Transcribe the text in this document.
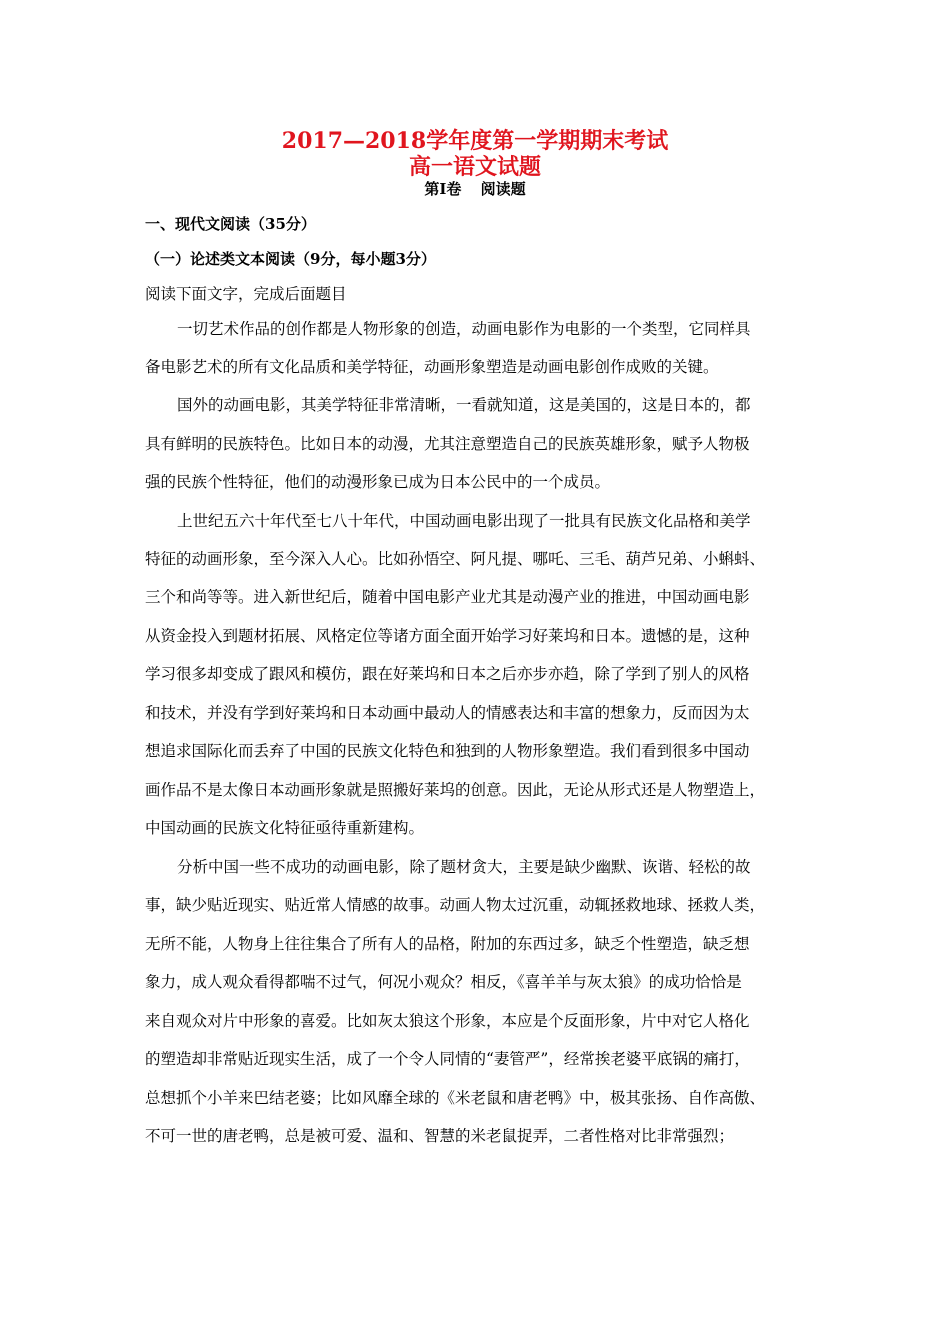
2017—2018学年度第一学期期末考试
高一语文试题
第Ⅰ卷 阅读题

一、现代文阅读（35分）

（一）论述类文本阅读（9分，每小题3分）

阅读下面文字，完成后面题目

一切艺术作品的创作都是人物形象的创造，动画电影作为电影的一个类型，它同样具

备电影艺术的所有文化品质和美学特征，动画形象塑造是动画电影创作成败的关键。

国外的动画电影，其美学特征非常清晰，一看就知道，这是美国的，这是日本的，都

具有鲜明的民族特色。比如日本的动漫，尤其注意塑造自己的民族英雄形象，赋予人物极

强的民族个性特征，他们的动漫形象已成为日本公民中的一个成员。

上世纪五六十年代至七八十年代，中国动画电影出现了一批具有民族文化品格和美学

特征的动画形象，至今深入人心。比如孙悟空、阿凡提、哪吒、三毛、葫芦兄弟、小蝌蚪、

三个和尚等等。进入新世纪后，随着中国电影产业尤其是动漫产业的推进，中国动画电影

从资金投入到题材拓展、风格定位等诸方面全面开始学习好莱坞和日本。遗憾的是，这种

学习很多却变成了跟风和模仿，跟在好莱坞和日本之后亦步亦趋，除了学到了别人的风格

和技术，并没有学到好莱坞和日本动画中最动人的情感表达和丰富的想象力，反而因为太

想追求国际化而丢弃了中国的民族文化特色和独到的人物形象塑造。我们看到很多中国动

画作品不是太像日本动画形象就是照搬好莱坞的创意。因此，无论从形式还是人物塑造上，

中国动画的民族文化特征亟待重新建构。

分析中国一些不成功的动画电影，除了题材贪大，主要是缺少幽默、诙谐、轻松的故

事，缺少贴近现实、贴近常人情感的故事。动画人物太过沉重，动辄拯救地球、拯救人类，

无所不能，人物身上往往集合了所有人的品格，附加的东西过多，缺乏个性塑造，缺乏想

象力，成人观众看得都喘不过气，何况小观众？相反，《喜羊羊与灰太狼》的成功恰恰是

来自观众对片中形象的喜爱。比如灰太狼这个形象，本应是个反面形象，片中对它人格化

的塑造却非常贴近现实生活，成了一个令人同情的“妻管严”，经常挨老婆平底锅的痛打，

总想抓个小羊来巴结老婆；比如风靡全球的《米老鼠和唐老鸭》中，极其张扬、自作高傲、

不可一世的唐老鸭，总是被可爱、温和、智慧的米老鼠捉弄，二者性格对比非常强烈；
